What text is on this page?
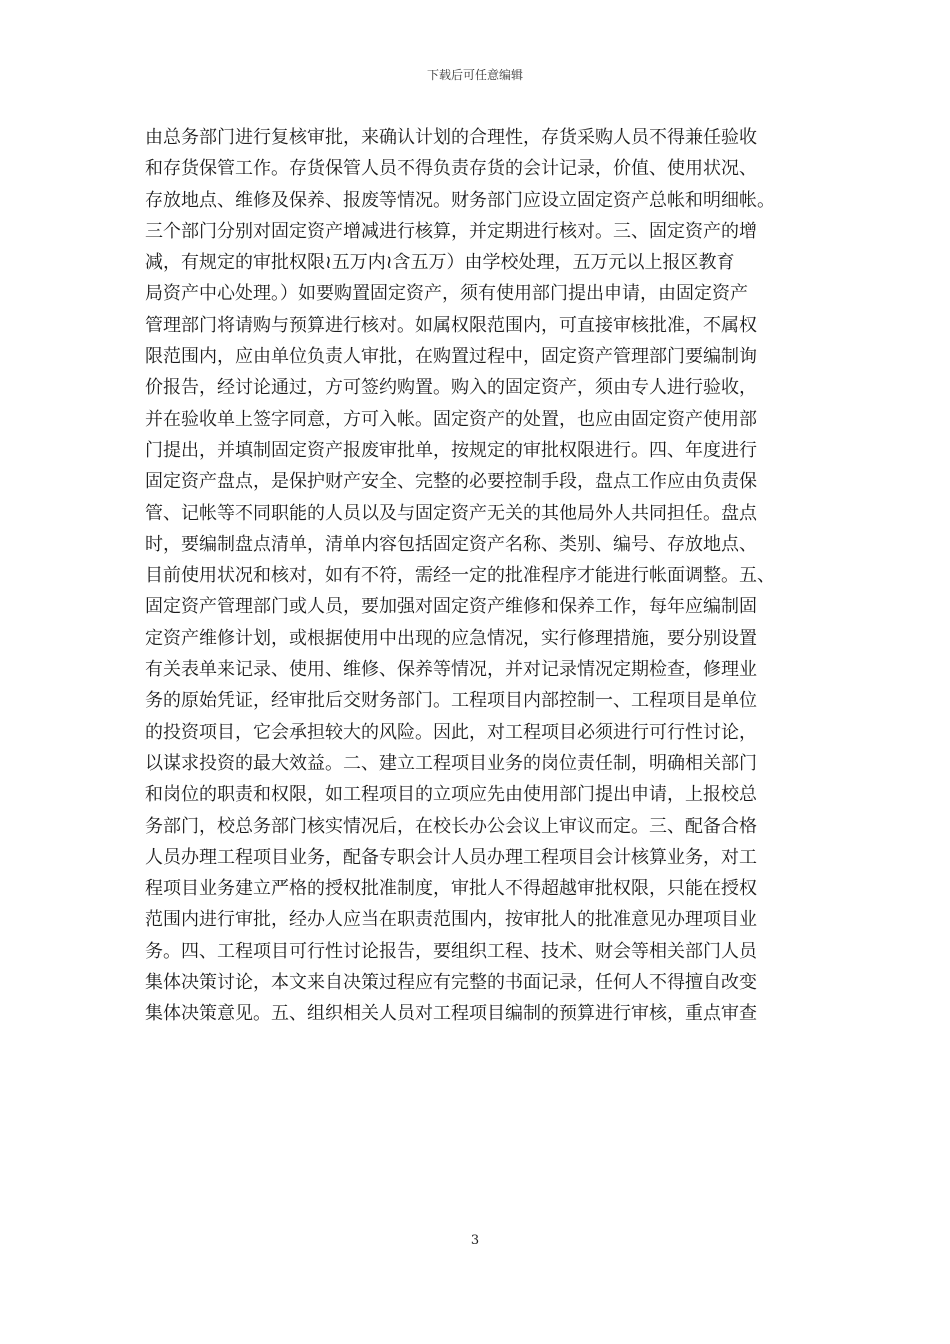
下载后可任意编辑
由总务部门进行复核审批，来确认计划的合理性，存货采购人员不得兼任验收
和存货保管工作。存货保管人员不得负责存货的会计记录，价值、使用状况、
存放地点、维修及保养、报废等情况。财务部门应设立固定资产总帐和明细帐。
三个部门分别对固定资产增减进行核算，并定期进行核对。三、固定资产的增
减，有规定的审批权限≀五万内≀含五万）由学校处理，五万元以上报区教育
局资产中心处理。）如要购置固定资产，须有使用部门提出申请，由固定资产
管理部门将请购与预算进行核对。如属权限范围内，可直接审核批准，不属权
限范围内，应由单位负责人审批，在购置过程中，固定资产管理部门要编制询
价报告，经讨论通过，方可签约购置。购入的固定资产，须由专人进行验收，
并在验收单上签字同意，方可入帐。固定资产的处置，也应由固定资产使用部
门提出，并填制固定资产报废审批单，按规定的审批权限进行。四、年度进行
固定资产盘点，是保护财产安全、完整的必要控制手段，盘点工作应由负责保
管、记帐等不同职能的人员以及与固定资产无关的其他局外人共同担任。盘点
时，要编制盘点清单，清单内容包括固定资产名称、类别、编号、存放地点、
目前使用状况和核对，如有不符，需经一定的批准程序才能进行帐面调整。五、
固定资产管理部门或人员，要加强对固定资产维修和保养工作，每年应编制固
定资产维修计划，或根据使用中出现的应急情况，实行修理措施，要分别设置
有关表单来记录、使用、维修、保养等情况，并对记录情况定期检查，修理业
务的原始凭证，经审批后交财务部门。工程项目内部控制一、工程项目是单位
的投资项目，它会承担较大的风险。因此，对工程项目必须进行可行性讨论，
以谋求投资的最大效益。二、建立工程项目业务的岗位责任制，明确相关部门
和岗位的职责和权限，如工程项目的立项应先由使用部门提出申请，上报校总
务部门，校总务部门核实情况后，在校长办公会议上审议而定。三、配备合格
人员办理工程项目业务，配备专职会计人员办理工程项目会计核算业务，对工
程项目业务建立严格的授权批准制度，审批人不得超越审批权限，只能在授权
范围内进行审批，经办人应当在职责范围内，按审批人的批准意见办理项目业
务。四、工程项目可行性讨论报告，要组织工程、技术、财会等相关部门人员
集体决策讨论，本文来自决策过程应有完整的书面记录，任何人不得擅自改变
集体决策意见。五、组织相关人员对工程项目编制的预算进行审核，重点审查
3
